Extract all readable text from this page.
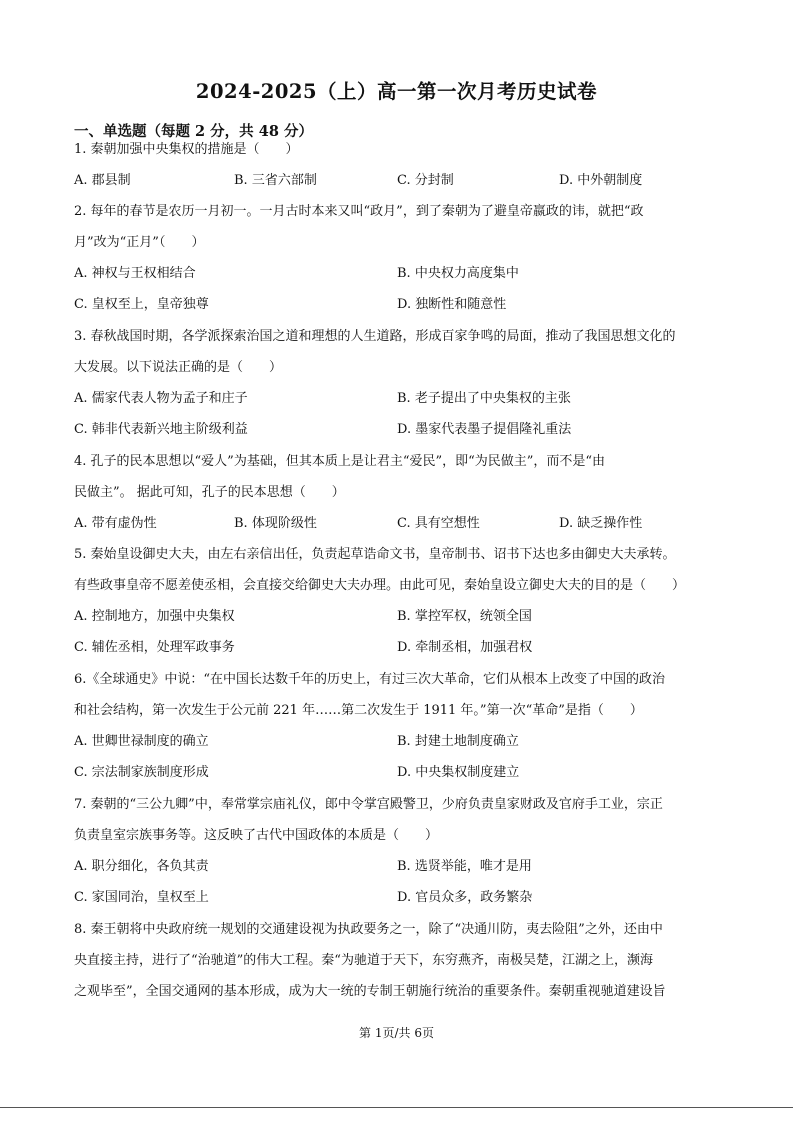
2024-2025（上）高一第一次月考历史试卷
一、单选题（每题 2 分，共 48 分）
1. 秦朝加强中央集权的措施是（　　）
A. 郡县制	B. 三省六部制	C. 分封制	D. 中外朝制度
2. 每年的春节是农历一月初一。一月古时本来又叫“政月”，到了秦朝为了避皇帝嬴政的讳，就把“政
月”改为“正月”（　　）
A. 神权与王权相结合	B. 中央权力高度集中
C. 皇权至上，皇帝独尊	D. 独断性和随意性
3. 春秋战国时期，各学派探索治国之道和理想的人生道路，形成百家争鸣的局面，推动了我国思想文化的
大发展。以下说法正确的是（　　）
A. 儒家代表人物为孟子和庄子	B. 老子提出了中央集权的主张
C. 韩非代表新兴地主阶级利益	D. 墨家代表墨子提倡隆礼重法
4. 孔子的民本思想以“爱人”为基础，但其本质上是让君主“爱民”，即“为民做主”，而不是“由
民做主”。 据此可知，孔子的民本思想（　　）
A. 带有虚伪性	B. 体现阶级性	C. 具有空想性	D. 缺乏操作性
5. 秦始皇设御史大夫，由左右亲信出任，负责起草诰命文书，皇帝制书、诏书下达也多由御史大夫承转。
有些政事皇帝不愿差使丞相，会直接交给御史大夫办理。由此可见，秦始皇设立御史大夫的目的是（　　）
A. 控制地方，加强中央集权	B. 掌控军权，统领全国
C. 辅佐丞相，处理军政事务	D. 牵制丞相，加强君权
6.《全球通史》中说：“在中国长达数千年的历史上，有过三次大革命，它们从根本上改变了中国的政治
和社会结构，第一次发生于公元前 221 年……第二次发生于 1911 年。”第一次“革命”是指（　　）
A. 世卿世禄制度的确立	B. 封建土地制度确立
C. 宗法制家族制度形成	D. 中央集权制度建立
7. 秦朝的“三公九卿”中，奉常掌宗庙礼仪，郎中令掌宫殿警卫，少府负责皇家财政及官府手工业，宗正
负责皇室宗族事务等。这反映了古代中国政体的本质是（　　）
A. 职分细化，各负其责	B. 选贤举能，唯才是用
C. 家国同治，皇权至上	D. 官员众多，政务繁杂
8. 秦王朝将中央政府统一规划的交通建设视为执政要务之一，除了“决通川防，夷去险阻”之外，还由中
央直接主持，进行了“治驰道”的伟大工程。秦“为驰道于天下，东穷燕齐，南极吴楚，江湖之上，濒海
之观毕至”，全国交通网的基本形成，成为大一统的专制王朝施行统治的重要条件。秦朝重视驰道建设旨
第 1页/共 6页
